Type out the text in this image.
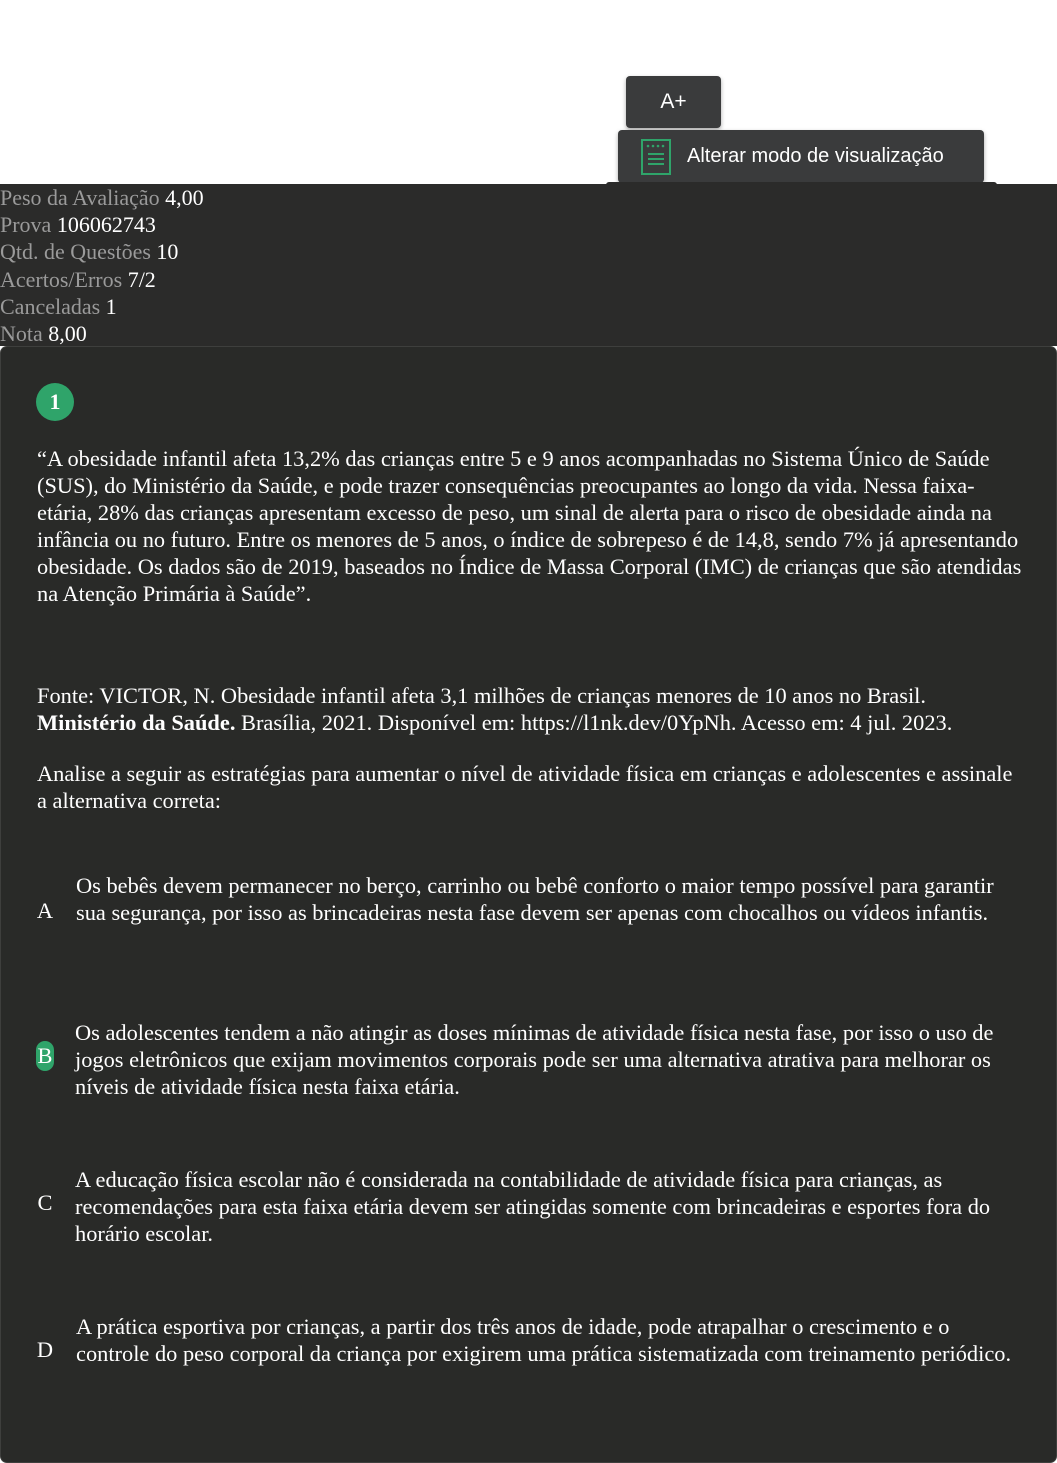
A+
Alterar modo de visualização
Peso da Avaliação 4,00
Prova 106062743
Qtd. de Questões 10
Acertos/Erros 7/2
Canceladas 1
Nota 8,00
1
“A obesidade infantil afeta 13,2% das crianças entre 5 e 9 anos acompanhadas no Sistema Único de Saúde (SUS), do Ministério da Saúde, e pode trazer consequências preocupantes ao longo da vida. Nessa faixa-etária, 28% das crianças apresentam excesso de peso, um sinal de alerta para o risco de obesidade ainda na infância ou no futuro. Entre os menores de 5 anos, o índice de sobrepeso é de 14,8, sendo 7% já apresentando obesidade. Os dados são de 2019, baseados no Índice de Massa Corporal (IMC) de crianças que são atendidas na Atenção Primária à Saúde”.
Fonte: VICTOR, N. Obesidade infantil afeta 3,1 milhões de crianças menores de 10 anos no Brasil.
Ministério da Saúde. Brasília, 2021. Disponível em: https://l1nk.dev/0YpNh. Acesso em: 4 jul. 2023.
Analise a seguir as estratégias para aumentar o nível de atividade física em crianças e adolescentes e assinale a alternativa correta:
A
Os bebês devem permanecer no berço, carrinho ou bebê conforto o maior tempo possível para garantir sua segurança, por isso as brincadeiras nesta fase devem ser apenas com chocalhos ou vídeos infantis.
B
Os adolescentes tendem a não atingir as doses mínimas de atividade física nesta fase, por isso o uso de jogos eletrônicos que exijam movimentos corporais pode ser uma alternativa atrativa para melhorar os níveis de atividade física nesta faixa etária.
C
A educação física escolar não é considerada na contabilidade de atividade física para crianças, as recomendações para esta faixa etária devem ser atingidas somente com brincadeiras e esportes fora do horário escolar.
D
A prática esportiva por crianças, a partir dos três anos de idade, pode atrapalhar o crescimento e o controle do peso corporal da criança por exigirem uma prática sistematizada com treinamento periódico.
